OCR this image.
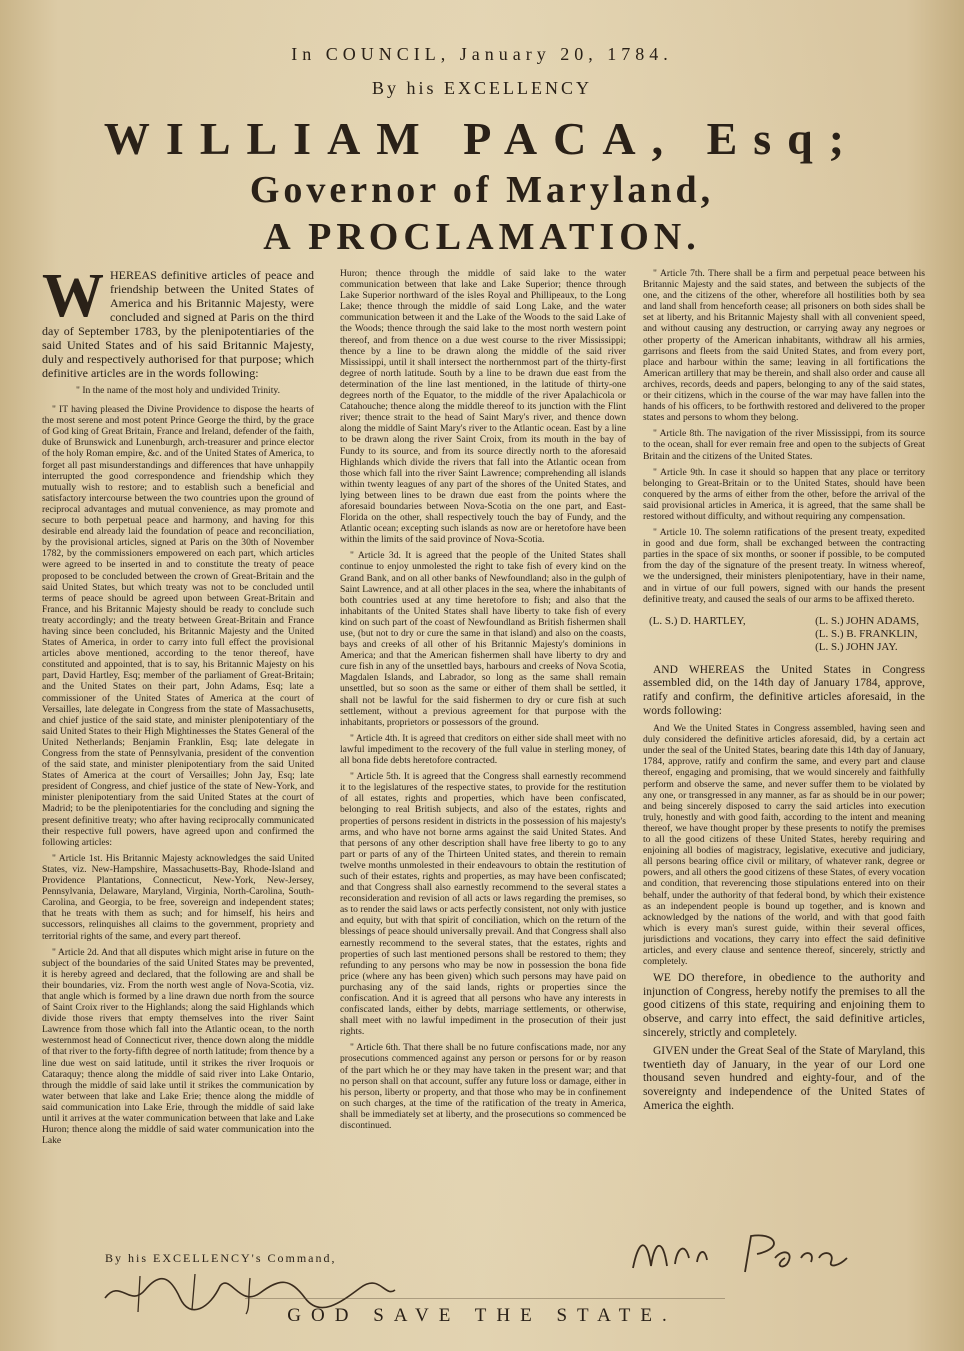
In COUNCIL, January 20, 1784.
By his EXCELLENCY
WILLIAM PACA, Esq;
Governor of Maryland,
A PROCLAMATION.

WHEREAS definitive articles of peace and friendship between the United States of America and his Britannic Majesty, were concluded and signed at Paris on the third day of September 1783, by the plenipotentiaries of the said United States and of his said Britannic Majesty, duly and respectively authorised for that purpose; which definitive articles are in the words following:

" In the name of the most holy and undivided Trinity.

" IT having pleased the Divine Providence to dispose the hearts of the most serene and most potent Prince George the third, by the grace of God king of Great Britain, France and Ireland, defender of the faith, duke of Brunswick and Lunenburgh, arch-treasurer and prince elector of the holy Roman empire, &c. and of the United States of America, to forget all past misunderstandings and differences that have unhappily interrupted the good correspondence and friendship which they mutually wish to restore; and to establish such a beneficial and satisfactory intercourse between the two countries upon the ground of reciprocal advantages and mutual convenience, as may promote and secure to both perpetual peace and harmony, and having for this desirable end already laid the foundation of peace and reconciliation, by the provisional articles, signed at Paris on the 30th of November 1782, by the commissioners empowered on each part, which articles were agreed to be inserted in and to constitute the treaty of peace proposed to be concluded between the crown of Great-Britain and the said United States, but which treaty was not to be concluded until terms of peace should be agreed upon between Great-Britain and France, and his Britannic Majesty should be ready to conclude such treaty accordingly; and the treaty between Great-Britain and France having since been concluded, his Britannic Majesty and the United States of America, in order to carry into full effect the provisional articles above mentioned, according to the tenor thereof, have constituted and appointed, that is to say, his Britannic Majesty on his part, David Hartley, Esq; member of the parliament of Great-Britain; and the United States on their part, John Adams, Esq; late a commissioner of the United States of America at the court of Versailles, late delegate in Congress from the state of Massachusetts, and chief justice of the said state, and minister plenipotentiary of the said United States to their High Mightinesses the States General of the United Netherlands; Benjamin Franklin, Esq; late delegate in Congress from the state of Pennsylvania, president of the convention of the said state, and minister plenipotentiary from the said United States of America at the court of Versailles; John Jay, Esq; late president of Congress, and chief justice of the state of New-York, and minister plenipotentiary from the said United States at the court of Madrid; to be the plenipotentiaries for the concluding and signing the present definitive treaty; who after having reciprocally communicated their respective full powers, have agreed upon and confirmed the following articles:

" Article 1st. His Britannic Majesty acknowledges the said United States, viz. New-Hampshire, Massachusetts-Bay, Rhode-Island and Providence Plantations, Connecticut, New-York, New-Jersey, Pennsylvania, Delaware, Maryland, Virginia, North-Carolina, South-Carolina, and Georgia, to be free, sovereign and independent states; that he treats with them as such; and for himself, his heirs and successors, relinquishes all claims to the government, propriety and territorial rights of the same, and every part thereof.

" Article 2d. And that all disputes which might arise in future on the subject of the boundaries of the said United States may be prevented, it is hereby agreed and declared, that the following are and shall be their boundaries, viz. From the north west angle of Nova-Scotia, viz. that angle which is formed by a line drawn due north from the source of Saint Croix river to the Highlands; along the said Highlands which divide those rivers that empty themselves into the river Saint Lawrence from those which fall into the Atlantic ocean, to the north westernmost head of Connecticut river, thence down along the middle of that river to the forty-fifth degree of north latitude; from thence by a line due west on said latitude, until it strikes the river Iroquois or Cataraquy; thence along the middle of said river into Lake Ontario, through the middle of said lake until it strikes the communication by water between that lake and Lake Erie; thence along the middle of said communication into Lake Erie, through the middle of said lake until it arrives at the water communication between that lake and Lake Huron; thence along the middle of said water communication into the Lake

Huron; thence through the middle of said lake to the water communication between that lake and Lake Superior; thence through Lake Superior northward of the isles Royal and Phillipeaux, to the Long Lake; thence through the middle of said Long Lake, and the water communication between it and the Lake of the Woods to the said Lake of the Woods; thence through the said lake to the most north western point thereof, and from thence on a due west course to the river Mississippi; thence by a line to be drawn along the middle of the said river Mississippi, until it shall intersect the northernmost part of the thirty-first degree of north latitude. South by a line to be drawn due east from the determination of the line last mentioned, in the latitude of thirty-one degrees north of the Equator, to the middle of the river Apalachicola or Catahouche; thence along the middle thereof to its junction with the Flint river; thence strait to the head of Saint Mary's river, and thence down along the middle of Saint Mary's river to the Atlantic ocean. East by a line to be drawn along the river Saint Croix, from its mouth in the bay of Fundy to its source, and from its source directly north to the aforesaid Highlands which divide the rivers that fall into the Atlantic ocean from those which fall into the river Saint Lawrence; comprehending all islands within twenty leagues of any part of the shores of the United States, and lying between lines to be drawn due east from the points where the aforesaid boundaries between Nova-Scotia on the one part, and East-Florida on the other, shall respectively touch the bay of Fundy, and the Atlantic ocean; excepting such islands as now are or heretofore have been within the limits of the said province of Nova-Scotia.

" Article 3d. It is agreed that the people of the United States shall continue to enjoy unmolested the right to take fish of every kind on the Grand Bank, and on all other banks of Newfoundland; also in the gulph of Saint Lawrence, and at all other places in the sea, where the inhabitants of both countries used at any time heretofore to fish; and also that the inhabitants of the United States shall have liberty to take fish of every kind on such part of the coast of Newfoundland as British fishermen shall use, (but not to dry or cure the same in that island) and also on the coasts, bays and creeks of all other of his Britannic Majesty's dominions in America; and that the American fishermen shall have liberty to dry and cure fish in any of the unsettled bays, harbours and creeks of Nova Scotia, Magdalen Islands, and Labrador, so long as the same shall remain unsettled, but so soon as the same or either of them shall be settled, it shall not be lawful for the said fishermen to dry or cure fish at such settlement, without a previous agreement for that purpose with the inhabitants, proprietors or possessors of the ground.

" Article 4th. It is agreed that creditors on either side shall meet with no lawful impediment to the recovery of the full value in sterling money, of all bona fide debts heretofore contracted.

" Article 5th. It is agreed that the Congress shall earnestly recommend it to the legislatures of the respective states, to provide for the restitution of all estates, rights and properties, which have been confiscated, belonging to real British subjects, and also of the estates, rights and properties of persons resident in districts in the possession of his majesty's arms, and who have not borne arms against the said United States. And that persons of any other description shall have free liberty to go to any part or parts of any of the Thirteen United states, and therein to remain twelve months unmolested in their endeavours to obtain the restitution of such of their estates, rights and properties, as may have been confiscated; and that Congress shall also earnestly recommend to the several states a reconsideration and revision of all acts or laws regarding the premises, so as to render the said laws or acts perfectly consistent, not only with justice and equity, but with that spirit of conciliation, which on the return of the blessings of peace should universally prevail. And that Congress shall also earnestly recommend to the several states, that the estates, rights and properties of such last mentioned persons shall be restored to them; they refunding to any persons who may be now in possession the bona fide price (where any has been given) which such persons may have paid on purchasing any of the said lands, rights or properties since the confiscation. And it is agreed that all persons who have any interests in confiscated lands, either by debts, marriage settlements, or otherwise, shall meet with no lawful impediment in the prosecution of their just rights.

" Article 6th. That there shall be no future confiscations made, nor any prosecutions commenced against any person or persons for or by reason of the part which he or they may have taken in the present war; and that no person shall on that account, suffer any future loss or damage, either in his person, liberty or property, and that those who may be in confinement on such charges, at the time of the ratification of the treaty in America, shall be immediately set at liberty, and the prosecutions so commenced be discontinued.

" Article 7th. There shall be a firm and perpetual peace between his Britannic Majesty and the said states, and between the subjects of the one, and the citizens of the other, wherefore all hostilities both by sea and land shall from henceforth cease; all prisoners on both sides shall be set at liberty, and his Britannic Majesty shall with all convenient speed, and without causing any destruction, or carrying away any negroes or other property of the American inhabitants, withdraw all his armies, garrisons and fleets from the said United States, and from every port, place and harbour within the same; leaving in all fortifications the American artillery that may be therein, and shall also order and cause all archives, records, deeds and papers, belonging to any of the said states, or their citizens, which in the course of the war may have fallen into the hands of his officers, to be forthwith restored and delivered to the proper states and persons to whom they belong.

" Article 8th. The navigation of the river Mississippi, from its source to the ocean, shall for ever remain free and open to the subjects of Great Britain and the citizens of the United States.

" Article 9th. In case it should so happen that any place or territory belonging to Great-Britain or to the United States, should have been conquered by the arms of either from the other, before the arrival of the said provisional articles in America, it is agreed, that the same shall be restored without difficulty, and without requiring any compensation.

" Article 10. The solemn ratifications of the present treaty, expedited in good and due form, shall be exchanged between the contracting parties in the space of six months, or sooner if possible, to be computed from the day of the signature of the present treaty. In witness whereof, we the undersigned, their ministers plenipotentiary, have in their name, and in virtue of our full powers, signed with our hands the present definitive treaty, and caused the seals of our arms to be affixed thereto.

(L. S.) D. HARTLEY,	(L. S.) JOHN ADAMS,
(L. S.) B. FRANKLIN,
(L. S.) JOHN JAY.

AND WHEREAS the United States in Congress assembled did, on the 14th day of January 1784, approve, ratify and confirm, the definitive articles aforesaid, in the words following:

And We the United States in Congress assembled, having seen and duly considered the definitive articles aforesaid, did, by a certain act under the seal of the United States, bearing date this 14th day of January, 1784, approve, ratify and confirm the same, and every part and clause thereof, engaging and promising, that we would sincerely and faithfully perform and observe the same, and never suffer them to be violated by any one, or transgressed in any manner, as far as should be in our power; and being sincerely disposed to carry the said articles into execution truly, honestly and with good faith, according to the intent and meaning thereof, we have thought proper by these presents to notify the premises to all the good citizens of these United States, hereby requiring and enjoining all bodies of magistracy, legislative, executive and judiciary, all persons bearing office civil or military, of whatever rank, degree or powers, and all others the good citizens of these States, of every vocation and condition, that reverencing those stipulations entered into on their behalf, under the authority of that federal bond, by which their existence as an independent people is bound up together, and is known and acknowledged by the nations of the world, and with that good faith which is every man's surest guide, within their several offices, jurisdictions and vocations, they carry into effect the said definitive articles, and every clause and sentence thereof, sincerely, strictly and completely.

WE DO therefore, in obedience to the authority and injunction of Congress, hereby notify the premises to all the good citizens of this state, requiring and enjoining them to observe, and carry into effect, the said definitive articles, sincerely, strictly and completely.

GIVEN under the Great Seal of the State of Maryland, this twentieth day of January, in the year of our Lord one thousand seven hundred and eighty-four, and of the sovereignty and independence of the United States of America the eighth.

By his EXCELLENCY's Command,
GOD SAVE THE STATE.
